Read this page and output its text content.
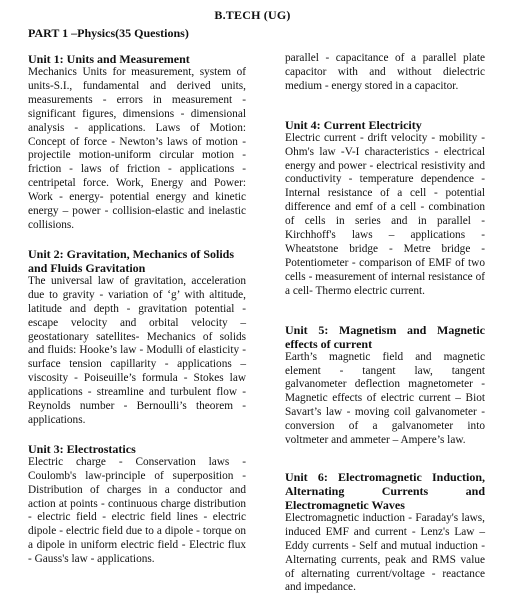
B.TECH (UG)
PART 1 –Physics(35 Questions)
Unit 1: Units and Measurement

Mechanics Units for measurement, system of units-S.I., fundamental and derived units, measurements - errors in measurement - significant figures, dimensions - dimensional analysis - applications. Laws of Motion: Concept of force - Newton’s laws of motion - projectile motion-uniform circular motion - friction - laws of friction - applications - centripetal force. Work, Energy and Power: Work - energy- potential energy and kinetic energy – power - collision-elastic and inelastic collisions.

Unit 2: Gravitation, Mechanics of Solids and Fluids Gravitation

The universal law of gravitation, acceleration due to gravity - variation of ‘g’ with altitude, latitude and depth - gravitation potential - escape velocity and orbital velocity – geostationary satellites- Mechanics of solids and fluids: Hooke’s law - Modulli of elasticity - surface tension capillarity - applications – viscosity - Poiseuille’s formula - Stokes law applications - streamline and turbulent flow - Reynolds number - Bernoulli’s theorem - applications.

Unit 3: Electrostatics

Electric charge - Conservation laws - Coulomb's law-principle of superposition - Distribution of charges in a conductor and action at points - continuous charge distribution - electric field - electric field lines - electric dipole - electric field due to a dipole - torque on a dipole in uniform electric field - Electric flux - Gauss's law - applications.

parallel - capacitance of a parallel plate capacitor with and without dielectric medium - energy stored in a capacitor.

Unit 4: Current Electricity

Electric current - drift velocity - mobility - Ohm's law -V-I characteristics - electrical energy and power - electrical resistivity and conductivity - temperature dependence - Internal resistance of a cell - potential difference and emf of a cell - combination of cells in series and in parallel - Kirchhoff's laws – applications - Wheatstone bridge - Metre bridge - Potentiometer - comparison of EMF of two cells - measurement of internal resistance of a cell- Thermo electric current.

Unit 5: Magnetism and Magnetic effects of current

Earth’s magnetic field and magnetic element - tangent law, tangent galvanometer deflection magnetometer - Magnetic effects of electric current – Biot Savart’s law - moving coil galvanometer - conversion of a galvanometer into voltmeter and ammeter – Ampere’s law.

Unit 6: Electromagnetic Induction, Alternating Currents and Electromagnetic Waves

Electromagnetic induction - Faraday's laws, induced EMF and current - Lenz's Law – Eddy currents - Self and mutual induction - Alternating currents, peak and RMS value of alternating current/voltage - reactance and impedance.
